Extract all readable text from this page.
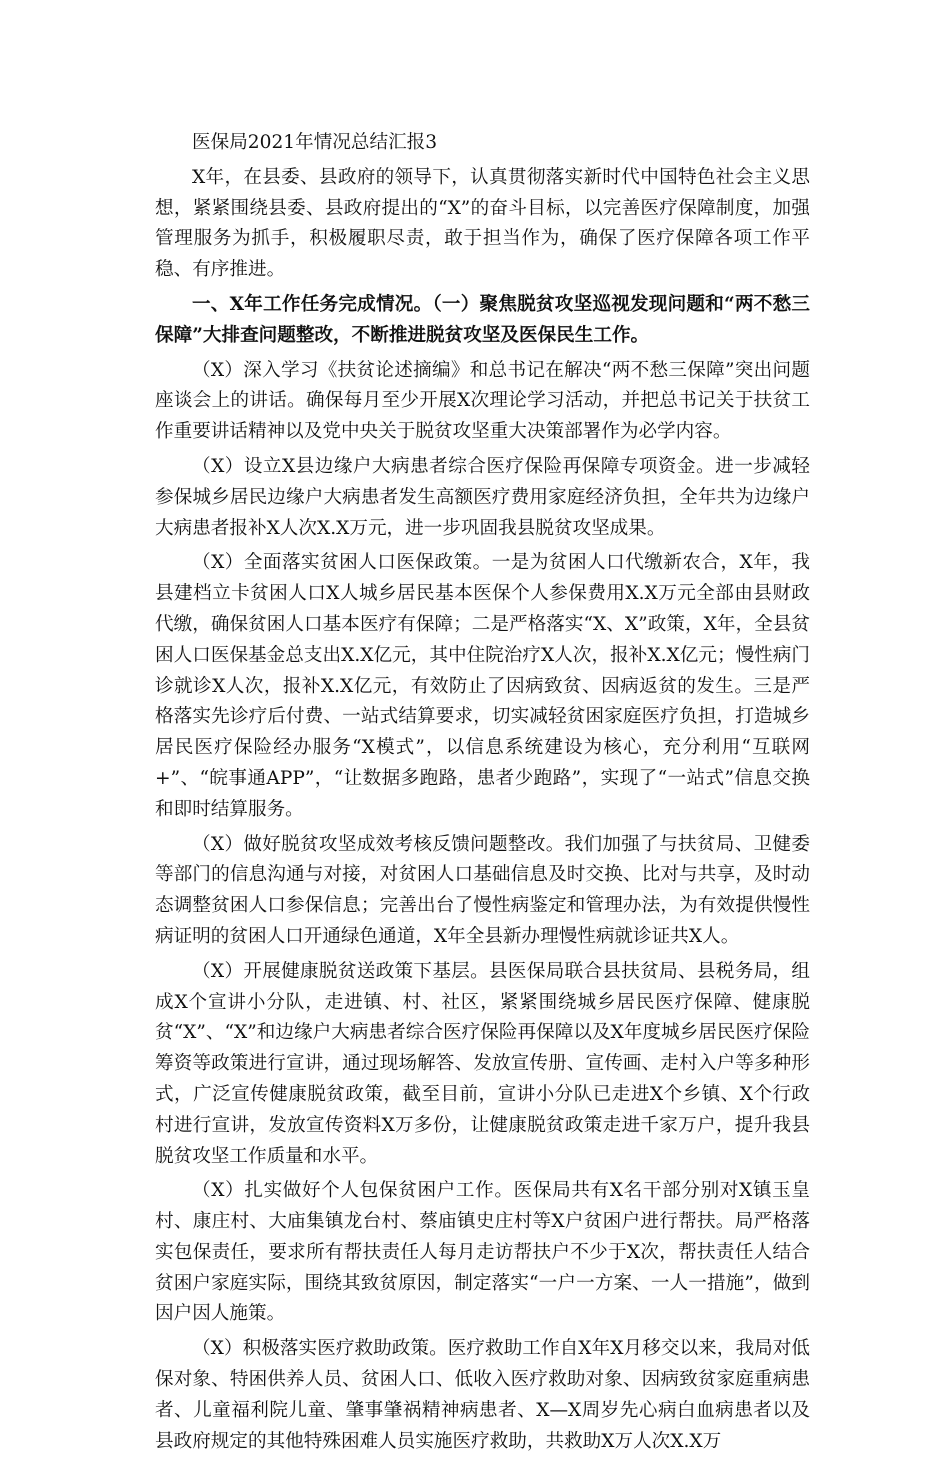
医保局2021年情况总结汇报3

X年，在县委、县政府的领导下，认真贯彻落实新时代中国特色社会主义思想，紧紧围绕县委、县政府提出的“X”的奋斗目标，以完善医疗保障制度，加强管理服务为抓手，积极履职尽责，敢于担当作为，确保了医疗保障各项工作平稳、有序推进。

一、X年工作任务完成情况。（一）聚焦脱贫攻坚巡视发现问题和“两不愁三保障”大排查问题整改，不断推进脱贫攻坚及医保民生工作。

（X）深入学习《扶贫论述摘编》和总书记在解决“两不愁三保障”突出问题座谈会上的讲话。确保每月至少开展X次理论学习活动，并把总书记关于扶贫工作重要讲话精神以及党中央关于脱贫攻坚重大决策部署作为必学内容。

（X）设立X县边缘户大病患者综合医疗保险再保障专项资金。进一步减轻参保城乡居民边缘户大病患者发生高额医疗费用家庭经济负担，全年共为边缘户大病患者报补X人次X.X万元，进一步巩固我县脱贫攻坚成果。

（X）全面落实贫困人口医保政策。一是为贫困人口代缴新农合，X年，我县建档立卡贫困人口X人城乡居民基本医保个人参保费用X.X万元全部由县财政代缴，确保贫困人口基本医疗有保障；二是严格落实“X、X”政策，X年，全县贫困人口医保基金总支出X.X亿元，其中住院治疗X人次，报补X.X亿元；慢性病门诊就诊X人次，报补X.X亿元，有效防止了因病致贫、因病返贫的发生。三是严格落实先诊疗后付费、一站式结算要求，切实减轻贫困家庭医疗负担，打造城乡居民医疗保险经办服务“X模式”，以信息系统建设为核心，充分利用“互联网+”、“皖事通APP”，“让数据多跑路，患者少跑路”，实现了“一站式”信息交换和即时结算服务。

（X）做好脱贫攻坚成效考核反馈问题整改。我们加强了与扶贫局、卫健委等部门的信息沟通与对接，对贫困人口基础信息及时交换、比对与共享，及时动态调整贫困人口参保信息；完善出台了慢性病鉴定和管理办法，为有效提供慢性病证明的贫困人口开通绿色通道，X年全县新办理慢性病就诊证共X人。

（X）开展健康脱贫送政策下基层。县医保局联合县扶贫局、县税务局，组成X个宣讲小分队，走进镇、村、社区，紧紧围绕城乡居民医疗保障、健康脱贫“X”、“X”和边缘户大病患者综合医疗保险再保障以及X年度城乡居民医疗保险筹资等政策进行宣讲，通过现场解答、发放宣传册、宣传画、走村入户等多种形式，广泛宣传健康脱贫政策，截至目前，宣讲小分队已走进X个乡镇、X个行政村进行宣讲，发放宣传资料X万多份，让健康脱贫政策走进千家万户，提升我县脱贫攻坚工作质量和水平。

（X）扎实做好个人包保贫困户工作。医保局共有X名干部分别对X镇玉皇村、康庄村、大庙集镇龙台村、蔡庙镇史庄村等X户贫困户进行帮扶。局严格落实包保责任，要求所有帮扶责任人每月走访帮扶户不少于X次，帮扶责任人结合贫困户家庭实际，围绕其致贫原因，制定落实“一户一方案、一人一措施”，做到因户因人施策。

（X）积极落实医疗救助政策。医疗救助工作自X年X月移交以来，我局对低保对象、特困供养人员、贫困人口、低收入医疗救助对象、因病致贫家庭重病患者、儿童福利院儿童、肇事肇祸精神病患者、X—X周岁先心病白血病患者以及县政府规定的其他特殊困难人员实施医疗救助，共救助X万人次X.X万
